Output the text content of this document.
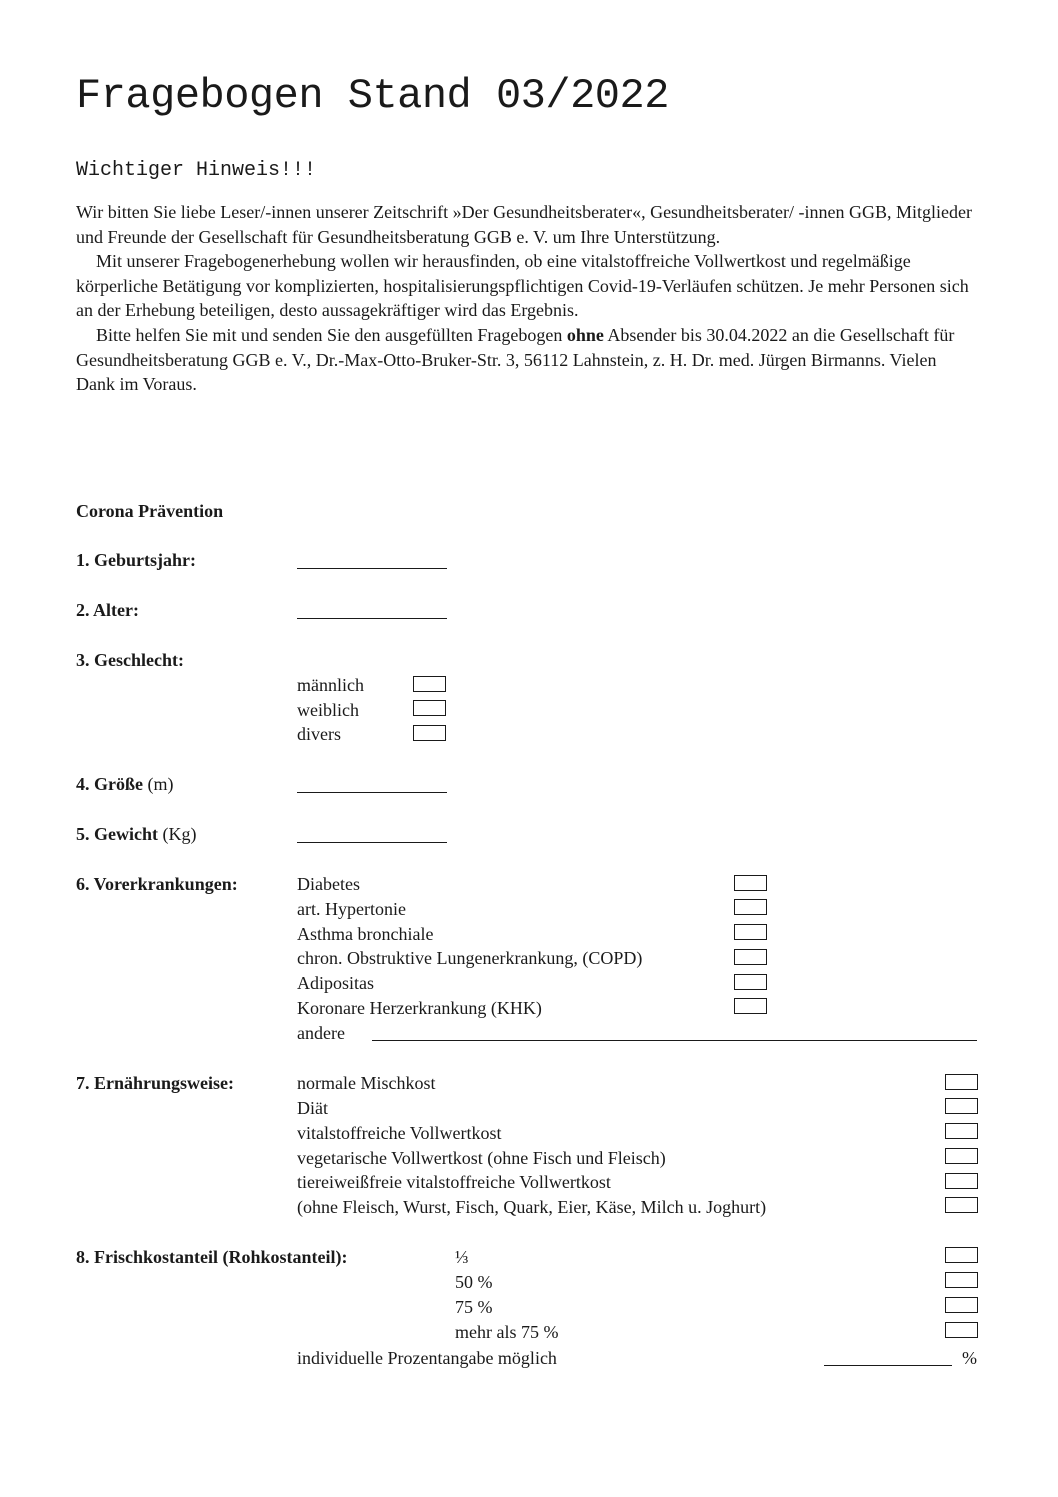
Fragebogen Stand 03/2022
Wichtiger Hinweis!!!

Wir bitten Sie liebe Leser/-innen unserer Zeitschrift »Der Gesundheitsberater«, Gesundheitsberater/ -innen GGB, Mitglieder und Freunde der Gesellschaft für Gesundheitsberatung GGB e. V. um Ihre Unterstützung.

Mit unserer Fragebogenerhebung wollen wir herausfinden, ob eine vitalstoffreiche Vollwertkost und regelmäßige körperliche Betätigung vor komplizierten, hospitalisierungspflichtigen Covid-19-Verläufen schützen. Je mehr Personen sich an der Erhebung beteiligen, desto aussagekräftiger wird das Ergebnis.

Bitte helfen Sie mit und senden Sie den ausgefüllten Fragebogen ohne Absender bis 30.04.2022 an die Gesellschaft für Gesundheitsberatung GGB e. V., Dr.-Max-Otto-Bruker-Str. 3, 56112 Lahnstein, z. H. Dr. med. Jürgen Birmanns. Vielen Dank im Voraus.

Corona Prävention
1. Geburtsjahr:
2. Alter:
3. Geschlecht:
männlich
weiblich
divers
4. Größe (m)
5. Gewicht (Kg)
6. Vorerkrankungen:	Diabetes
art. Hypertonie
Asthma bronchiale
chron. Obstruktive Lungenerkrankung, (COPD)
Adipositas
Koronare Herzerkrankung (KHK)
andere
7. Ernährungsweise:	normale Mischkost
Diät
vitalstoffreiche Vollwertkost
vegetarische Vollwertkost (ohne Fisch und Fleisch)
tiereiweißfreie vitalstoffreiche Vollwertkost
(ohne Fleisch, Wurst, Fisch, Quark, Eier, Käse, Milch u. Joghurt)
8. Frischkostanteil (Rohkostanteil):	⅓
50 %
75 %
mehr als 75 %
individuelle Prozentangabe möglich	%
